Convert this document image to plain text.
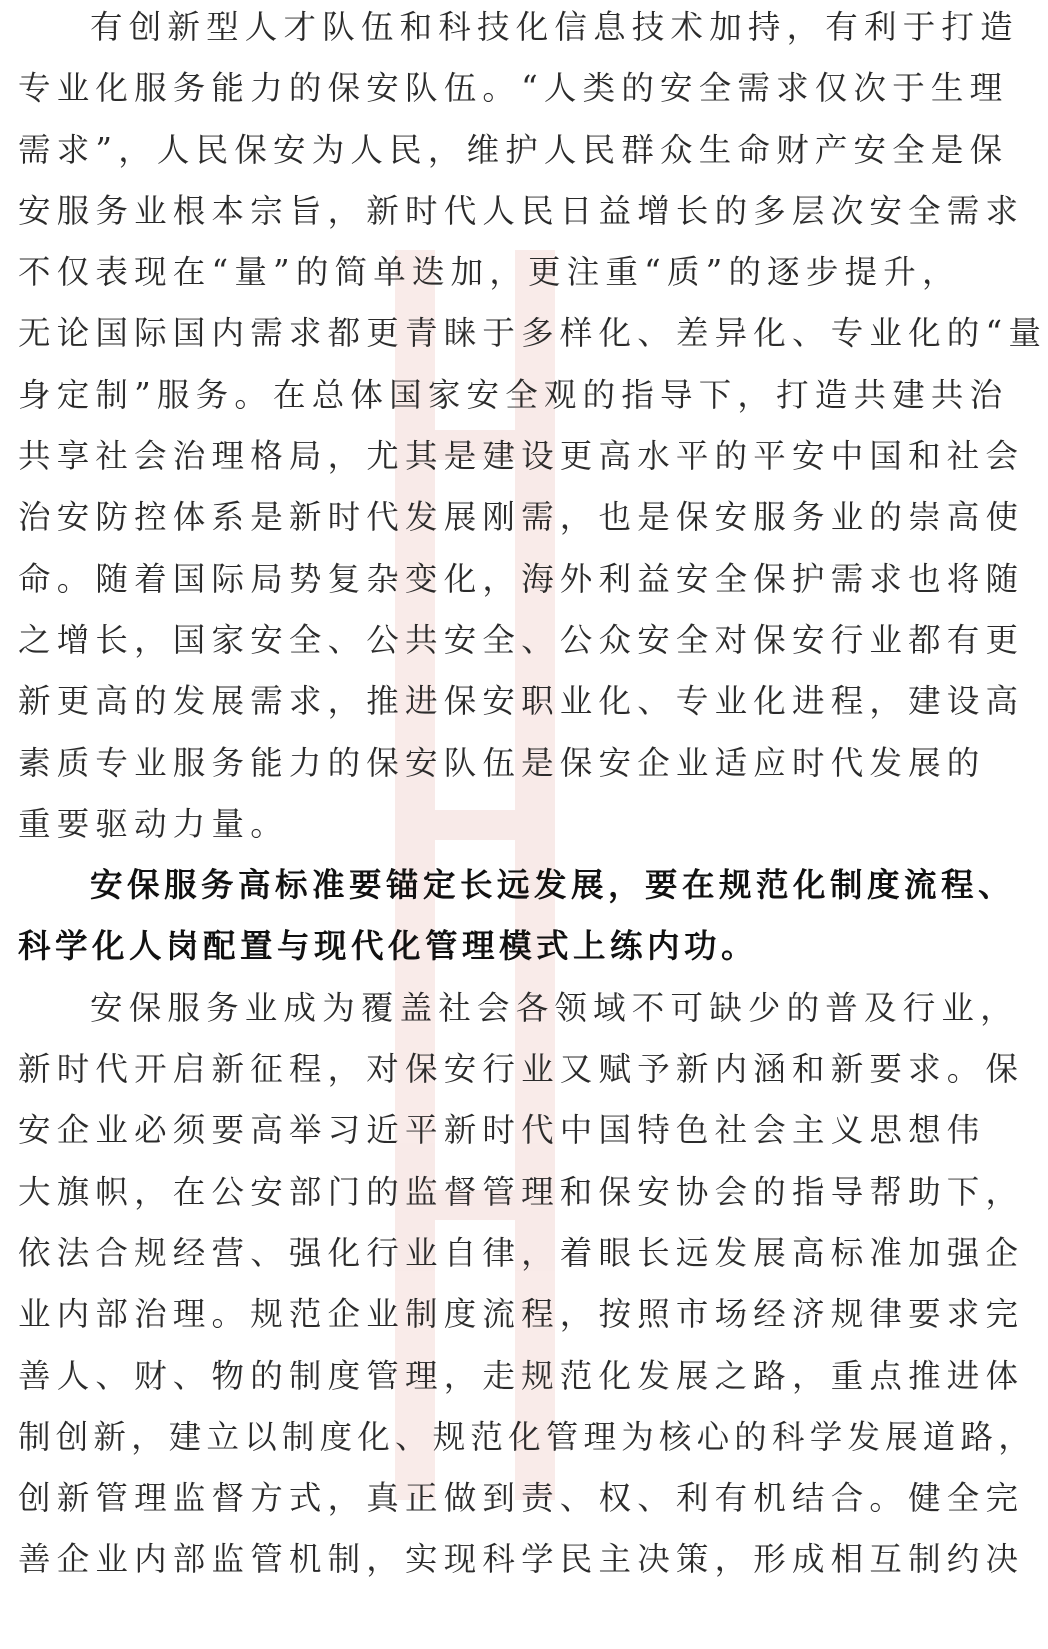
有创新型人才队伍和科技化信息技术加持，有利于打造
专业化服务能力的保安队伍。“人类的安全需求仅次于生理
需求”，人民保安为人民，维护人民群众生命财产安全是保
安服务业根本宗旨，新时代人民日益增长的多层次安全需求
不仅表现在“量”的简单迭加，更注重“质”的逐步提升，
无论国际国内需求都更青睐于多样化、差异化、专业化的“量
身定制”服务。在总体国家安全观的指导下，打造共建共治
共享社会治理格局，尤其是建设更高水平的平安中国和社会
治安防控体系是新时代发展刚需，也是保安服务业的崇高使
命。随着国际局势复杂变化，海外利益安全保护需求也将随
之增长，国家安全、公共安全、公众安全对保安行业都有更
新更高的发展需求，推进保安职业化、专业化进程，建设高
素质专业服务能力的保安队伍是保安企业适应时代发展的
重要驱动力量。
安保服务高标准要锚定长远发展，要在规范化制度流程、
科学化人岗配置与现代化管理模式上练内功。
安保服务业成为覆盖社会各领域不可缺少的普及行业，
新时代开启新征程，对保安行业又赋予新内涵和新要求。保
安企业必须要高举习近平新时代中国特色社会主义思想伟
大旗帜，在公安部门的监督管理和保安协会的指导帮助下，
依法合规经营、强化行业自律，着眼长远发展高标准加强企
业内部治理。规范企业制度流程，按照市场经济规律要求完
善人、财、物的制度管理，走规范化发展之路，重点推进体
制创新，建立以制度化、规范化管理为核心的科学发展道路，
创新管理监督方式，真正做到责、权、利有机结合。健全完
善企业内部监管机制，实现科学民主决策，形成相互制约决
